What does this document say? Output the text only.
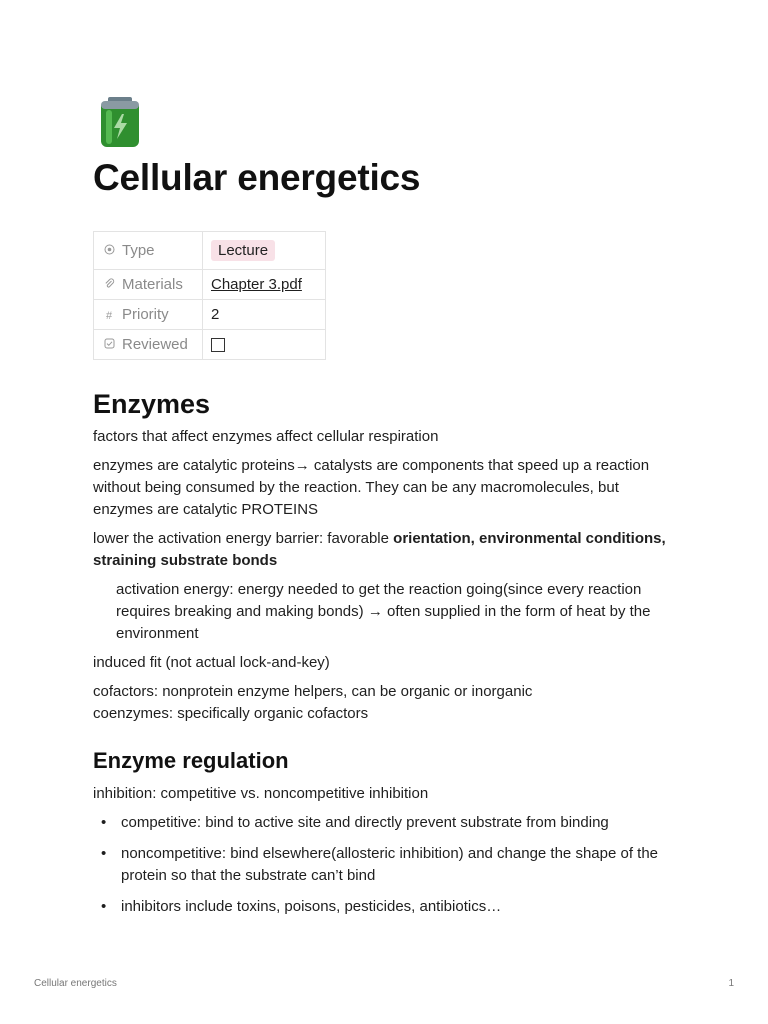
Cellular energetics
Type	Lecture
Materials	Chapter 3.pdf
# Priority	2
Reviewed	
Enzymes

factors that affect enzymes affect cellular respiration

enzymes are catalytic proteins→ catalysts are components that speed up a reaction without being consumed by the reaction. They can be any macromolecules, but enzymes are catalytic PROTEINS

lower the activation energy barrier: favorable orientation, environmental conditions, straining substrate bonds

activation energy: energy needed to get the reaction going(since every reaction requires breaking and making bonds) → often supplied in the form of heat by the environment

induced fit (not actual lock-and-key)

cofactors: nonprotein enzyme helpers, can be organic or inorganic
coenzymes: specifically organic cofactors

Enzyme regulation

inhibition: competitive vs. noncompetitive inhibition

• competitive: bind to active site and directly prevent substrate from binding
• noncompetitive: bind elsewhere(allosteric inhibition) and change the shape of the protein so that the substrate can’t bind
• inhibitors include toxins, poisons, pesticides, antibiotics…
Cellular energetics	1
